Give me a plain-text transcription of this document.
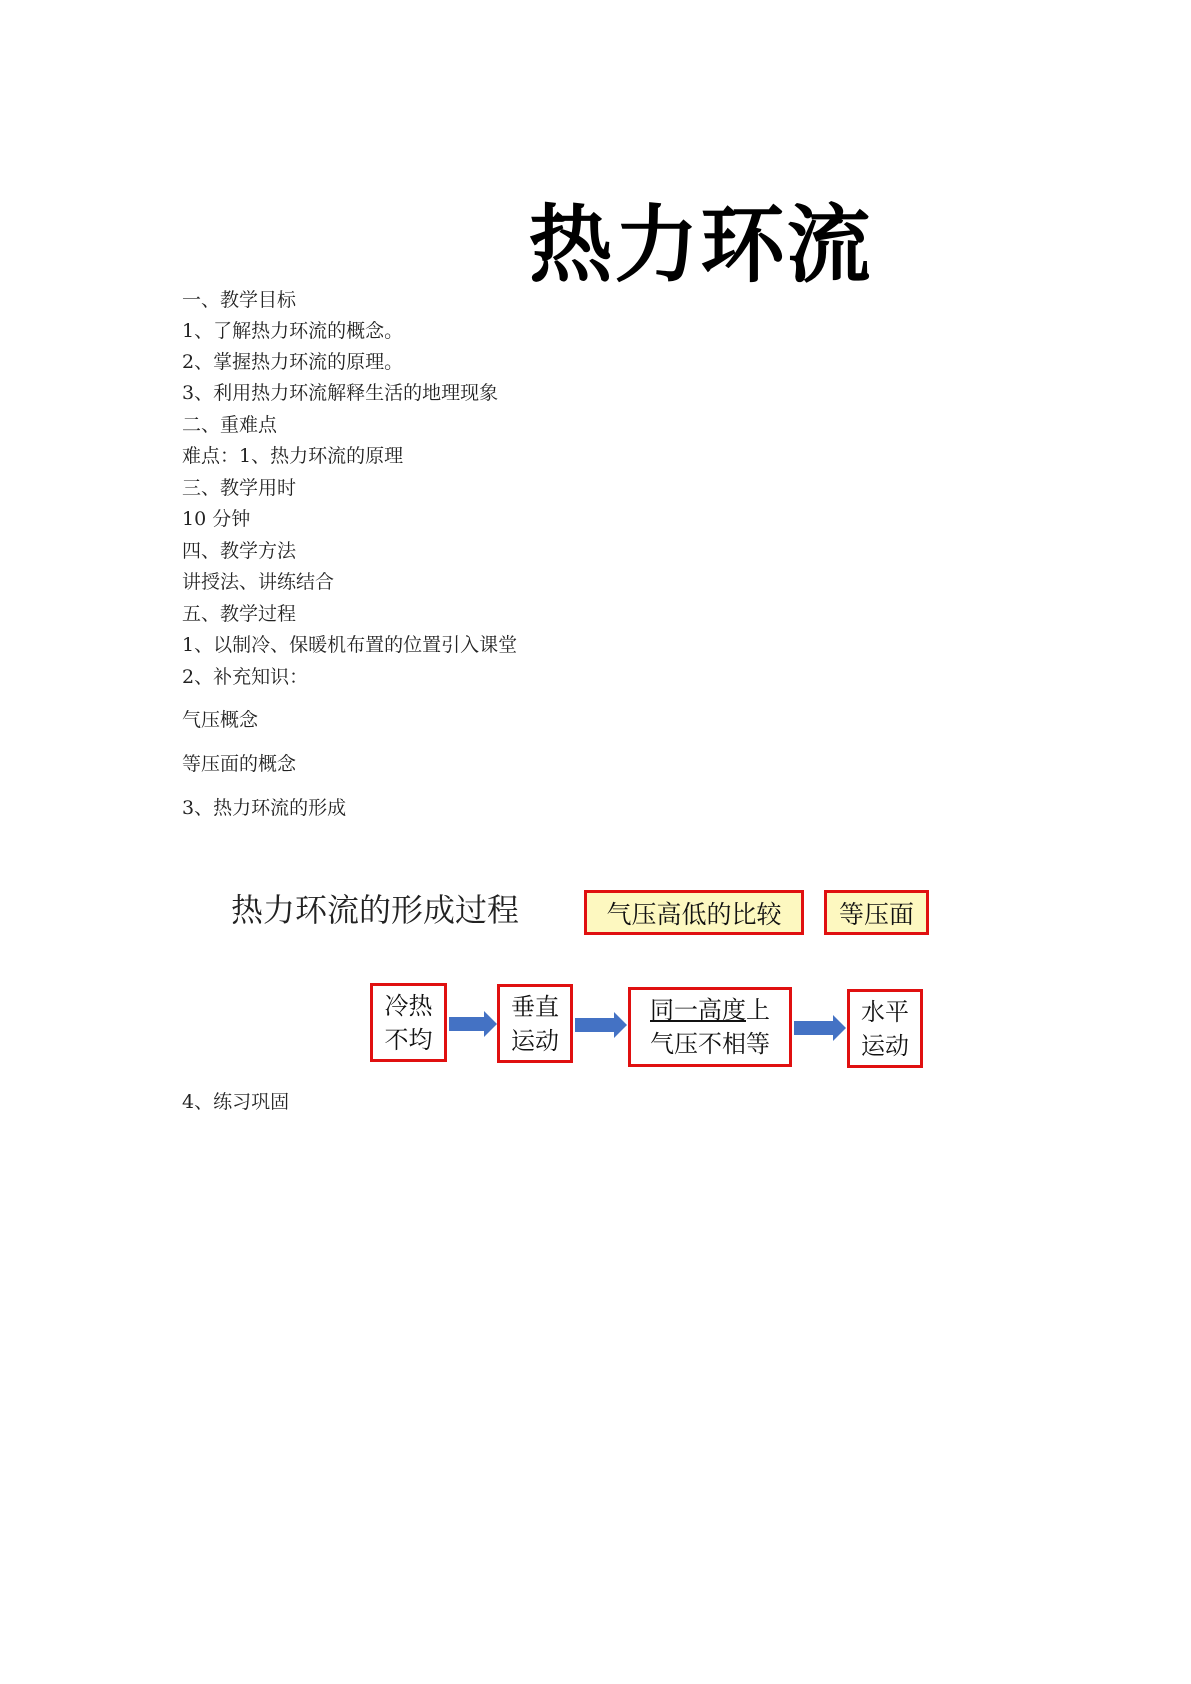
热力环流
一、教学目标
1、了解热力环流的概念。
2、掌握热力环流的原理。
3、利用热力环流解释生活的地理现象
二、重难点
难点：1、热力环流的原理
三、教学用时
10 分钟
四、教学方法
讲授法、讲练结合
五、教学过程
1、以制冷、保暖机布置的位置引入课堂
2、补充知识：
气压概念
等压面的概念
3、热力环流的形成
热力环流的形成过程	气压高低的比较	等压面
冷热
不均
垂直
运动
同一高度上
气压不相等
水平
运动
4、练习巩固
